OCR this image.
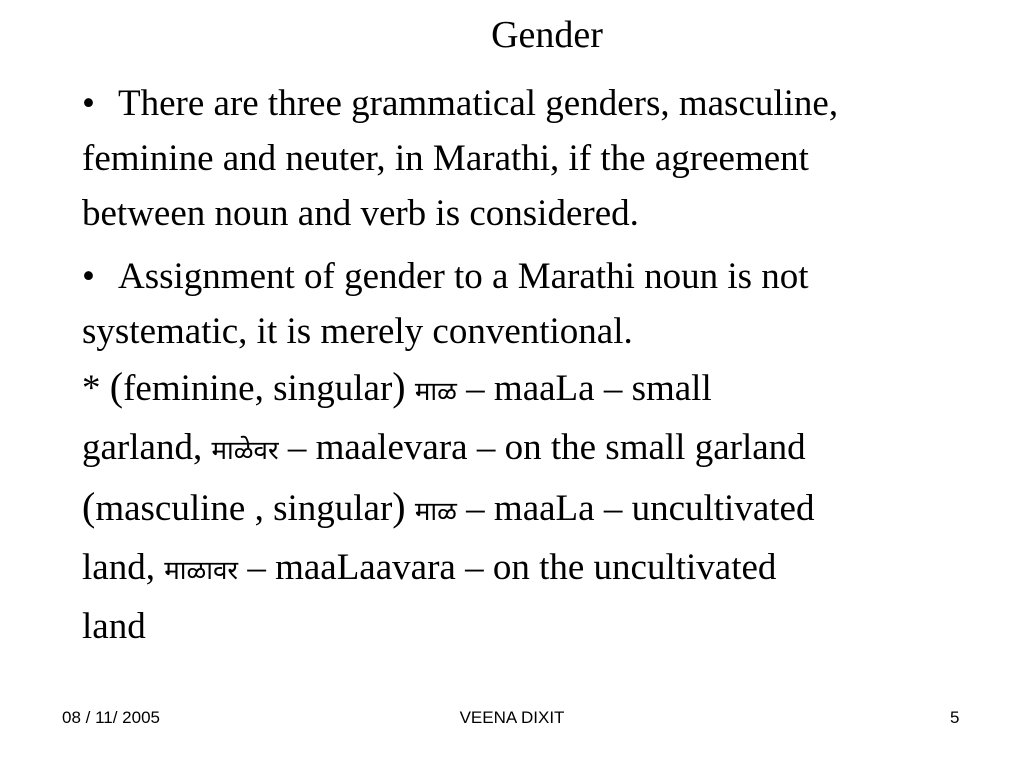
Gender

• There are three grammatical genders, masculine,
feminine and neuter, in Marathi, if the agreement
between noun and verb is considered.

• Assignment of gender to a Marathi noun is not
systematic, it is merely conventional.

* (feminine, singular) माळ – maaLa – small
garland, माळेवर – maalevara – on the small garland
(masculine , singular) माळ – maaLa – uncultivated
land, माळावर – maaLaavara – on the uncultivated
land

08 / 11/ 2005	VEENA DIXIT	5
